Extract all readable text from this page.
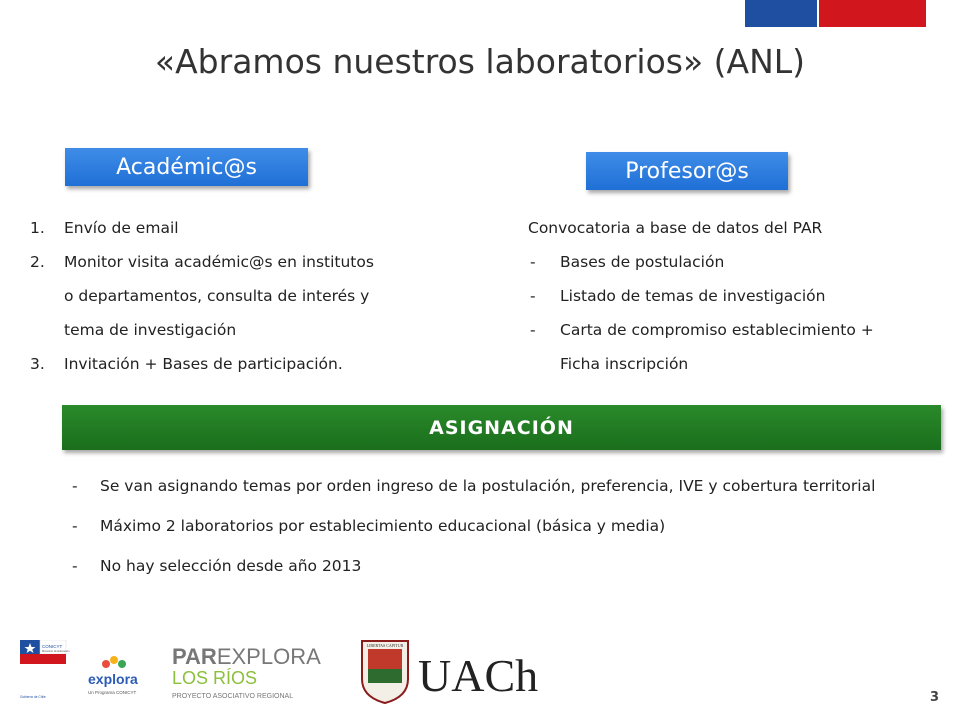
«Abramos nuestros laboratorios» (ANL)
Académic@s	Profesor@s
1.	Envío de email
2.	Monitor visita académic@s en institutos
o departamentos, consulta de interés y
tema de investigación
3.	Invitación + Bases de participación.
Convocatoria a base de datos del PAR
-	Bases de postulación
-	Listado de temas de investigación
-	Carta de compromiso establecimiento +
Ficha inscripción
ASIGNACIÓN
-	Se van asignando temas por orden ingreso de la postulación, preferencia, IVE y cobertura territorial
-	Máximo 2 laboratorios por establecimiento educacional (básica y media)
-	No hay selección desde año 2013
CONICYT
Ministerio de Educación
Gobierno de Chile
explora
Un Programa CONICYT
PAREXPLORA
LOS RÍOS
PROYECTO ASOCIATIVO REGIONAL
LIBERTAS CAPITUR
UACh	3
